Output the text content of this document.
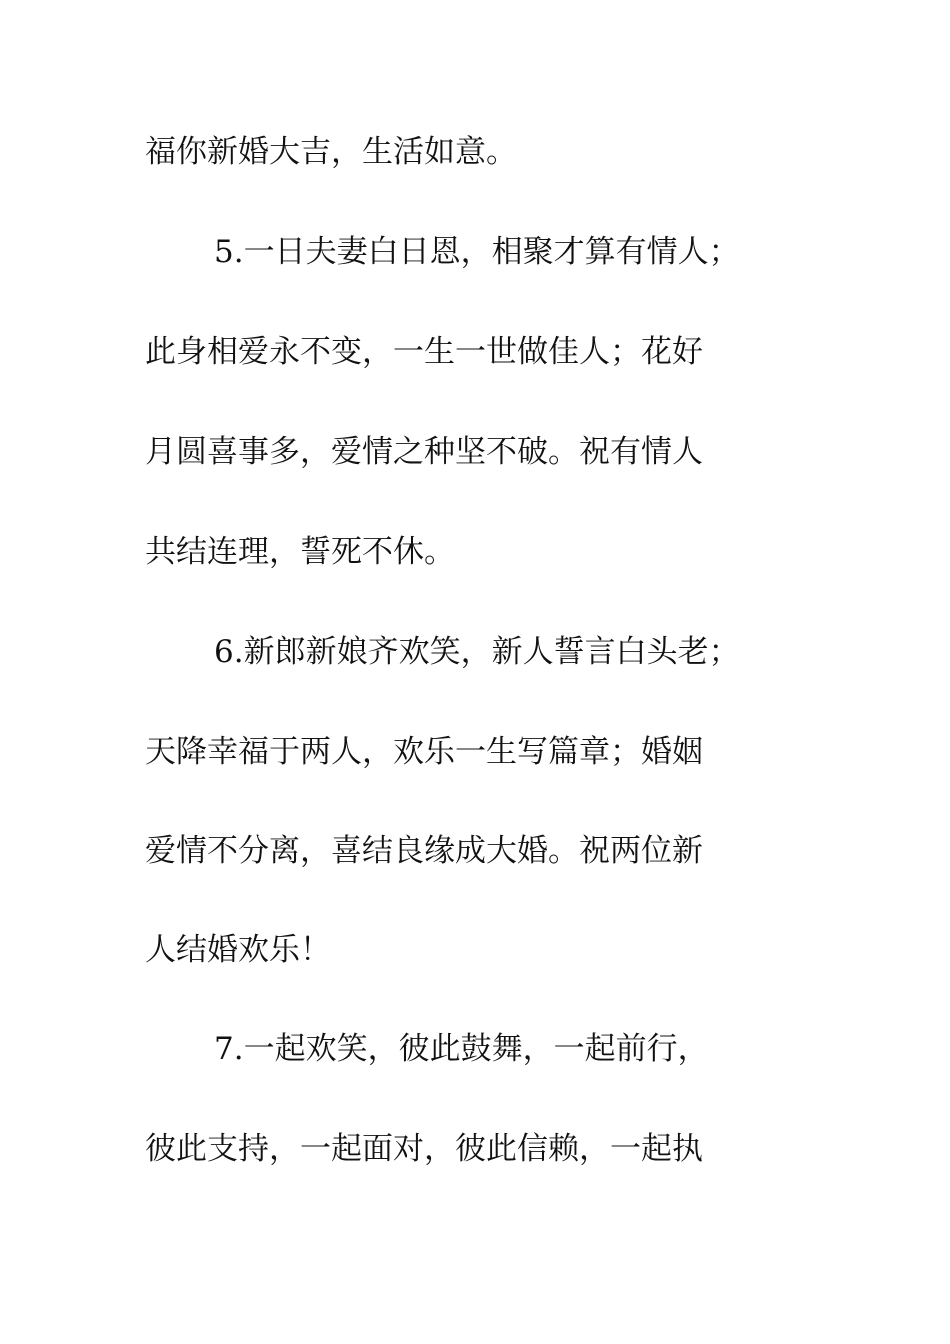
福你新婚大吉，生活如意。
5.一日夫妻白日恩，相聚才算有情人；
此身相爱永不变，一生一世做佳人；花好
月圆喜事多，爱情之种坚不破。祝有情人
共结连理，誓死不休。
6.新郎新娘齐欢笑，新人誓言白头老；
天降幸福于两人，欢乐一生写篇章；婚姻
爱情不分离，喜结良缘成大婚。祝两位新
人结婚欢乐！
7.一起欢笑，彼此鼓舞，一起前行，
彼此支持，一起面对，彼此信赖，一起执
